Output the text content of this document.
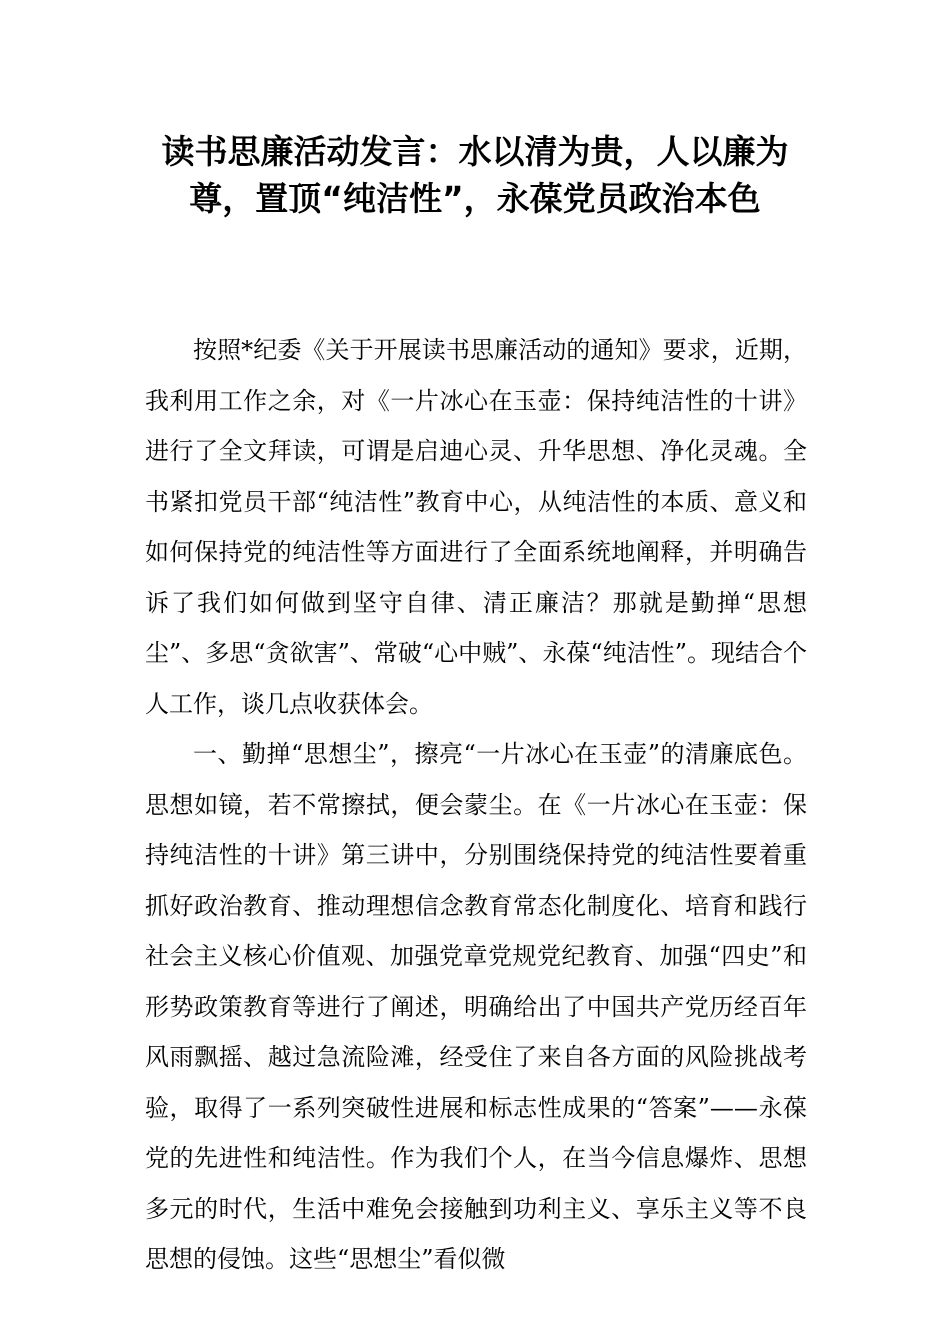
读书思廉活动发言：水以清为贵，人以廉为尊，置顶“纯洁性”，永葆党员政治本色

按照*纪委《关于开展读书思廉活动的通知》要求，近期，我利用工作之余，对《一片冰心在玉壶：保持纯洁性的十讲》进行了全文拜读，可谓是启迪心灵、升华思想、净化灵魂。全书紧扣党员干部“纯洁性”教育中心，从纯洁性的本质、意义和如何保持党的纯洁性等方面进行了全面系统地阐释，并明确告诉了我们如何做到坚守自律、清正廉洁？那就是勤掸“思想尘”、多思“贪欲害”、常破“心中贼”、永葆“纯洁性”。现结合个人工作，谈几点收获体会。

一、勤掸“思想尘”，擦亮“一片冰心在玉壶”的清廉底色。思想如镜，若不常擦拭，便会蒙尘。在《一片冰心在玉壶：保持纯洁性的十讲》第三讲中，分别围绕保持党的纯洁性要着重抓好政治教育、推动理想信念教育常态化制度化、培育和践行社会主义核心价值观、加强党章党规党纪教育、加强“四史”和形势政策教育等进行了阐述，明确给出了中国共产党历经百年风雨飘摇、越过急流险滩，经受住了来自各方面的风险挑战考验，取得了一系列突破性进展和标志性成果的“答案”——永葆党的先进性和纯洁性。作为我们个人，在当今信息爆炸、思想多元的时代，生活中难免会接触到功利主义、享乐主义等不良思想的侵蚀。这些“思想尘”看似微
